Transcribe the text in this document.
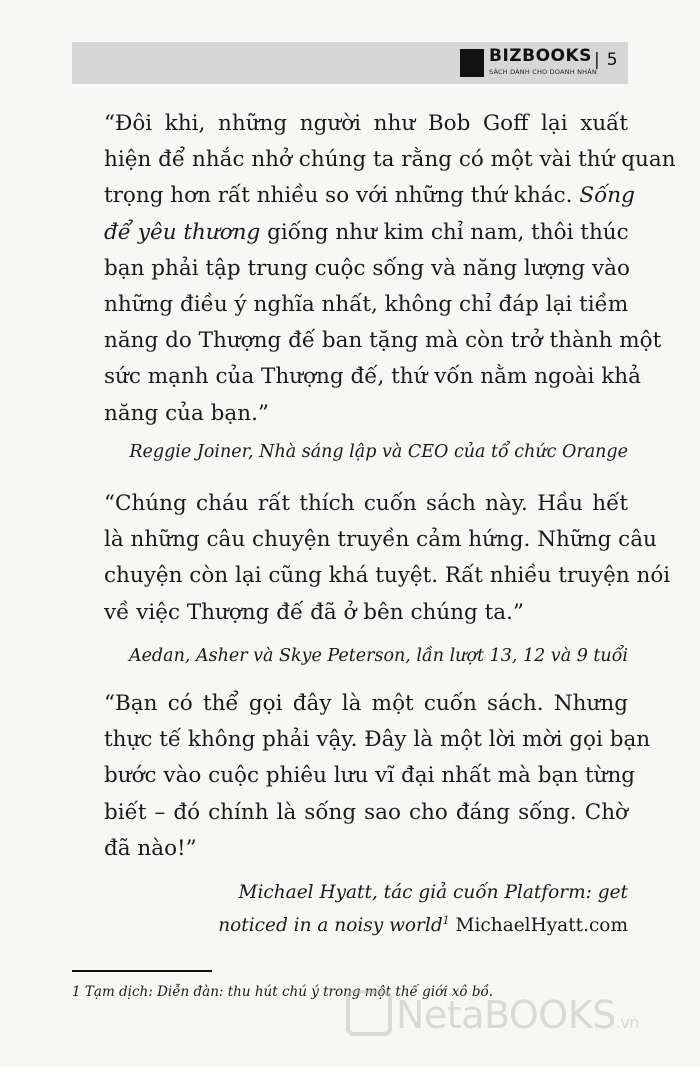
BIZBOOKS
SÁCH DÀNH CHO DOANH NHÂN
| 5
“Đôi khi, những người như Bob Goff lại xuất
hiện để nhắc nhở chúng ta rằng có một vài thứ quan
trọng hơn rất nhiều so với những thứ khác. Sống
để yêu thương giống như kim chỉ nam, thôi thúc
bạn phải tập trung cuộc sống và năng lượng vào
những điều ý nghĩa nhất, không chỉ đáp lại tiềm
năng do Thượng đế ban tặng mà còn trở thành một
sức mạnh của Thượng đế, thứ vốn nằm ngoài khả
năng của bạn.”
Reggie Joiner, Nhà sáng lập và CEO của tổ chức Orange
“Chúng cháu rất thích cuốn sách này. Hầu hết
là những câu chuyện truyền cảm hứng. Những câu
chuyện còn lại cũng khá tuyệt. Rất nhiều truyện nói
về việc Thượng đế đã ở bên chúng ta.”
Aedan, Asher và Skye Peterson, lần lượt 13, 12 và 9 tuổi
“Bạn có thể gọi đây là một cuốn sách. Nhưng
thực tế không phải vậy. Đây là một lời mời gọi bạn
bước vào cuộc phiêu lưu vĩ đại nhất mà bạn từng
biết – đó chính là sống sao cho đáng sống. Chờ
đã nào!”
Michael Hyatt, tác giả cuốn Platform: get
noticed in a noisy world$^1$ MichaelHyatt.com
1 Tạm dịch: Diễn đàn: thu hút chú ý trong một thế giới xô bồ.
NetaBOOKS.vn
